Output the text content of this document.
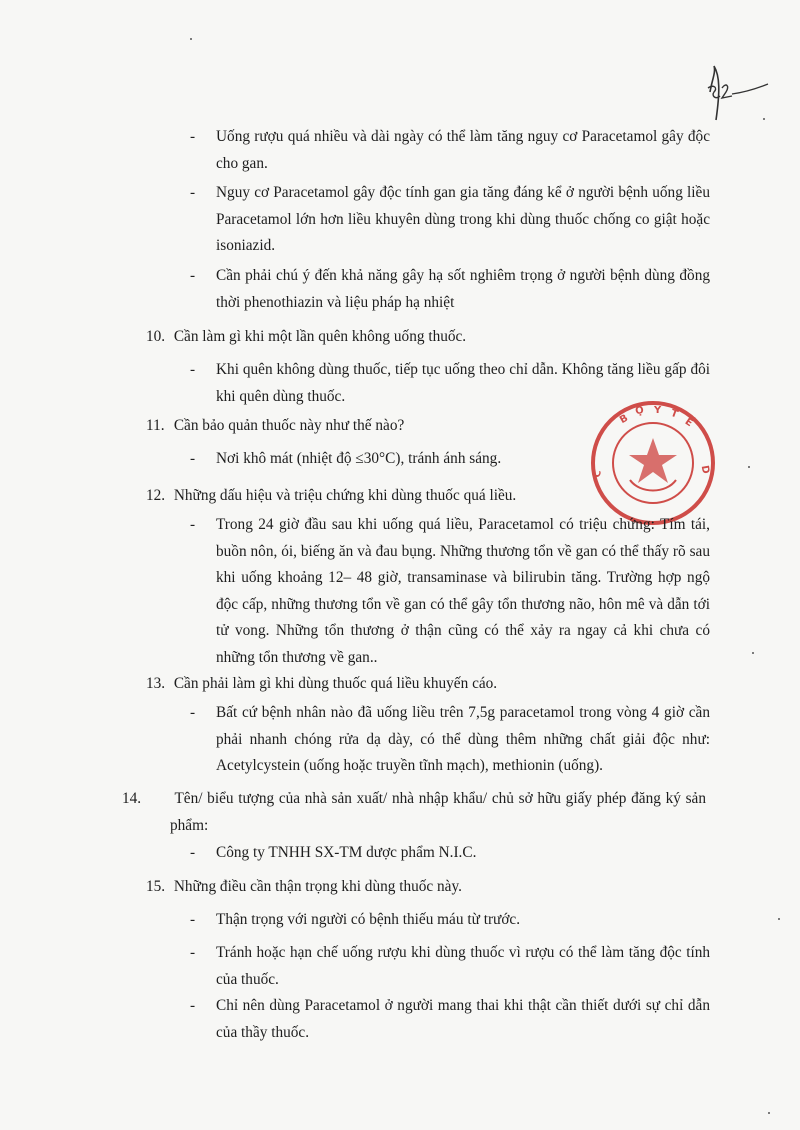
72
B
Ộ Y T
Ế
C	D
-	Uống rượu quá nhiều và dài ngày có thể làm tăng nguy cơ Paracetamol gây độc cho gan.
-	Nguy cơ Paracetamol gây độc tính gan gia tăng đáng kể ở người bệnh uống liều Paracetamol lớn hơn liều khuyên dùng trong khi dùng thuốc chống co giật hoặc isoniazid.
-	Cần phải chú ý đến khả năng gây hạ sốt nghiêm trọng ở người bệnh dùng đồng thời phenothiazin và liệu pháp hạ nhiệt
10. Cần làm gì khi một lần quên không uống thuốc.
-	Khi quên không dùng thuốc, tiếp tục uống theo chỉ dẫn. Không tăng liều gấp đôi khi quên dùng thuốc.
11. Cần bảo quản thuốc này như thế nào?
-	Nơi khô mát (nhiệt độ ≤30°C), tránh ánh sáng.
12. Những dấu hiệu và triệu chứng khi dùng thuốc quá liều.
-	Trong 24 giờ đầu sau khi uống quá liều, Paracetamol có triệu chứng: Tím tái, buồn nôn, ói, biếng ăn và đau bụng. Những thương tổn về gan có thể thấy rõ sau khi uống khoảng 12– 48 giờ, transaminase và bilirubin tăng. Trường hợp ngộ độc cấp, những thương tổn về gan có thể gây tổn thương não, hôn mê và dẫn tới tử vong. Những tổn thương ở thận cũng có thể xảy ra ngay cả khi chưa có những tổn thương về gan..
13. Cần phải làm gì khi dùng thuốc quá liều khuyến cáo.
-	Bất cứ bệnh nhân nào đã uống liều trên 7,5g paracetamol trong vòng 4 giờ cần phải nhanh chóng rửa dạ dày, có thể dùng thêm những chất giải độc như: Acetylcystein (uống hoặc truyền tĩnh mạch), methionin (uống).
14. Tên/ biểu tượng của nhà sản xuất/ nhà nhập khẩu/ chủ sở hữu giấy phép đăng ký sản phẩm:
-	Công ty TNHH SX-TM dược phẩm N.I.C.
15. Những điều cần thận trọng khi dùng thuốc này.
-	Thận trọng với người có bệnh thiếu máu từ trước.
-	Tránh hoặc hạn chế uống rượu khi dùng thuốc vì rượu có thể làm tăng độc tính của thuốc.
-	Chỉ nên dùng Paracetamol ở người mang thai khi thật cần thiết dưới sự chỉ dẫn của thầy thuốc.
